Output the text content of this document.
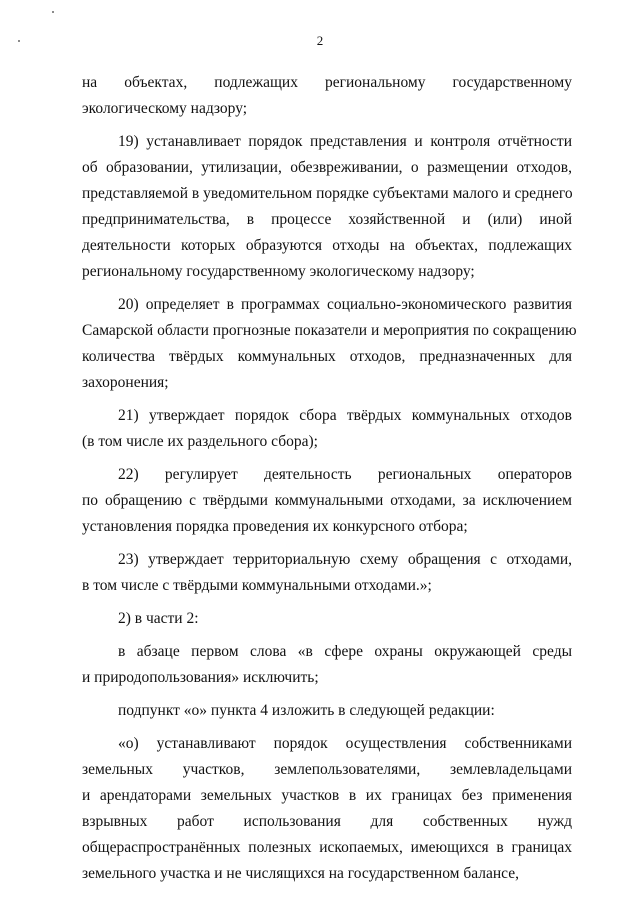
2
на объектах, подлежащих региональному государственному
экологическому надзору;
19) устанавливает порядок представления и контроля отчётности
об образовании, утилизации, обезвреживании, о размещении отходов,
представляемой в уведомительном порядке субъектами малого и среднего
предпринимательства, в процессе хозяйственной и (или) иной
деятельности которых образуются отходы на объектах, подлежащих
региональному государственному экологическому надзору;
20) определяет в программах социально-экономического развития
Самарской области прогнозные показатели и мероприятия по сокращению
количества твёрдых коммунальных отходов, предназначенных для
захоронения;
21) утверждает порядок сбора твёрдых коммунальных отходов
(в том числе их раздельного сбора);
22) регулирует деятельность региональных операторов
по обращению с твёрдыми коммунальными отходами, за исключением
установления порядка проведения их конкурсного отбора;
23) утверждает территориальную схему обращения с отходами,
в том числе с твёрдыми коммунальными отходами.»;
2) в части 2:
в абзаце первом слова «в сфере охраны окружающей среды
и природопользования» исключить;
подпункт «о» пункта 4 изложить в следующей редакции:
«о) устанавливают порядок осуществления собственниками
земельных участков, землепользователями, землевладельцами
и арендаторами земельных участков в их границах без применения
взрывных работ использования для собственных нужд
общераспространённых полезных ископаемых, имеющихся в границах
земельного участка и не числящихся на государственном балансе,
